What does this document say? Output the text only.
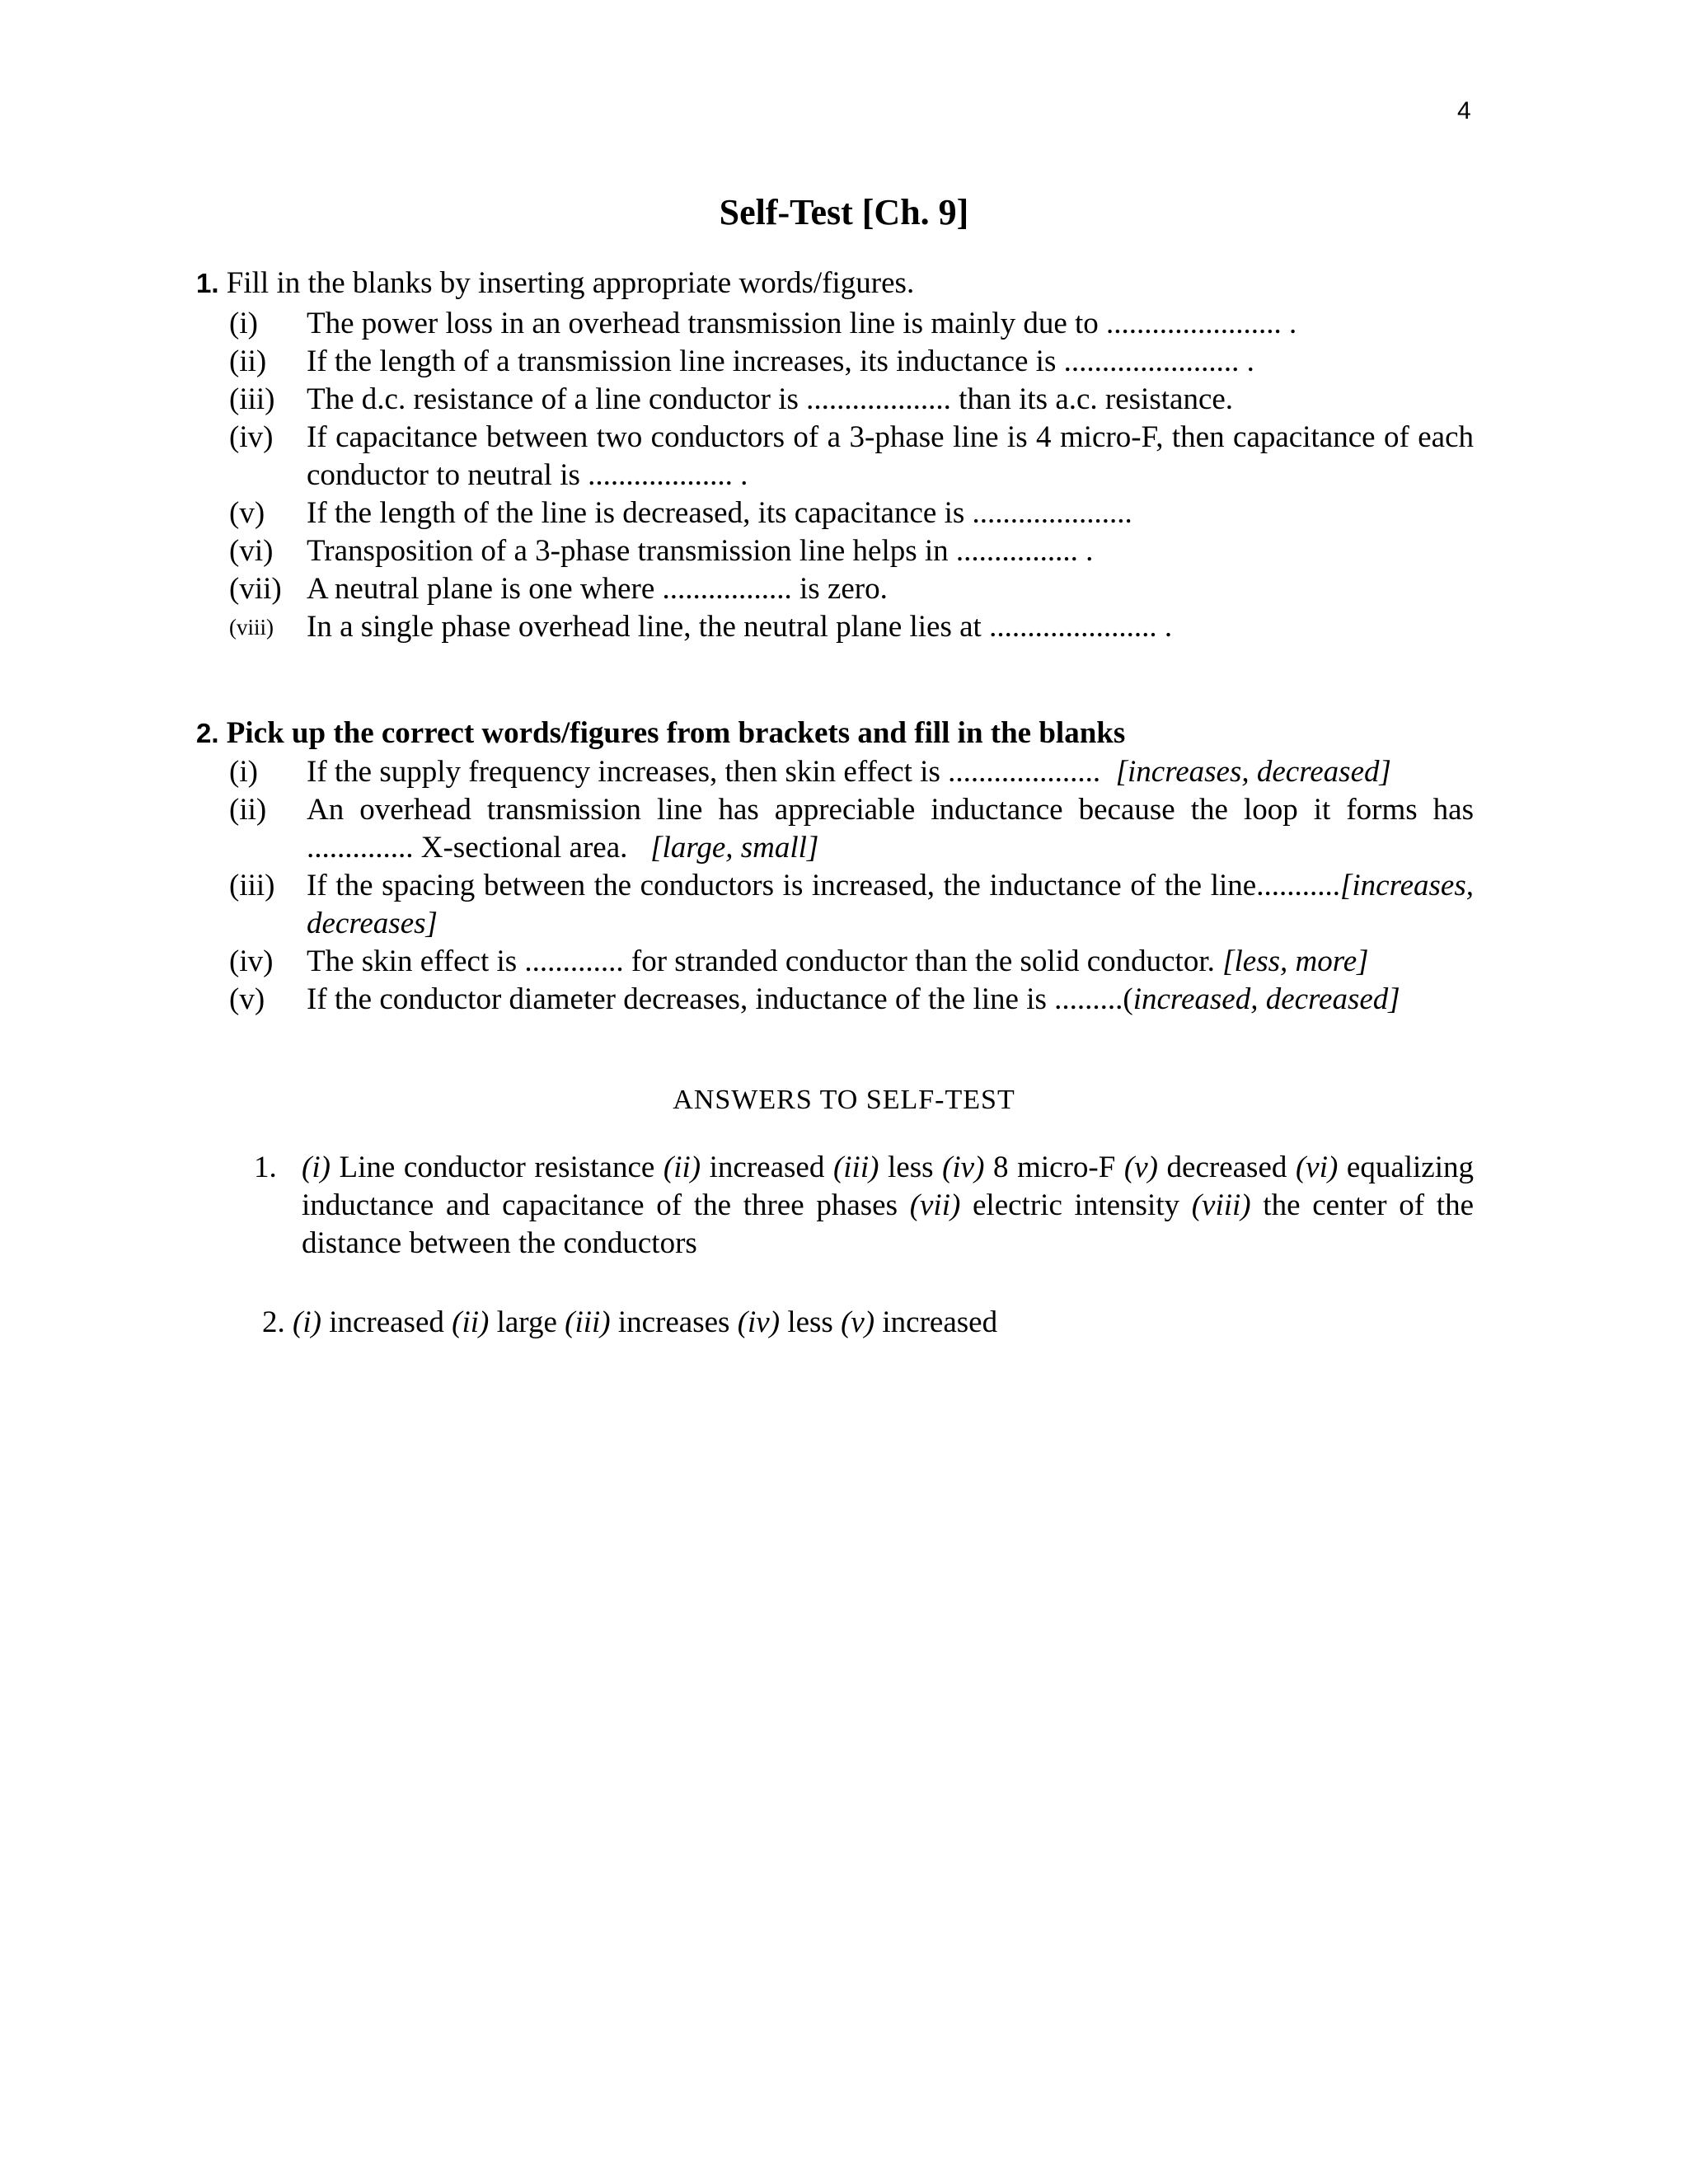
4
Self-Test [Ch. 9]
1. Fill in the blanks by inserting appropriate words/figures.
(i)	The power loss in an overhead transmission line is mainly due to ....................... .
(ii)	If the length of a transmission line increases, its inductance is ....................... .
(iii)	The d.c. resistance of a line conductor is ................... than its a.c. resistance.
(iv)	If capacitance between two conductors of a 3-phase line is 4 micro-F, then capacitance of each conductor to neutral is ................... .
(v)	If the length of the line is decreased, its capacitance is .....................
(vi)	Transposition of a 3-phase transmission line helps in ................ .
(vii) A neutral plane is one where ................. is zero.
(viii)	In a single phase overhead line, the neutral plane lies at ...................... .
2. Pick up the correct words/figures from brackets and fill in the blanks
(i)	If the supply frequency increases, then skin effect is .................... [increases, decreased]
(ii)	An overhead transmission line has appreciable inductance because the loop it forms has .............. X-sectional area. [large, small]
(iii)	If the spacing between the conductors is increased, the inductance of the line...........[increases, decreases]
(iv)	The skin effect is ............. for stranded conductor than the solid conductor. [less, more]
(v)	If the conductor diameter decreases, inductance of the line is .........(increased, decreased]
ANSWERS TO SELF-TEST
1. (i) Line conductor resistance (ii) increased (iii) less (iv) 8 micro-F (v) decreased (vi) equalizing inductance and capacitance of the three phases (vii) electric intensity (viii) the center of the distance between the conductors
2. (i) increased (ii) large (iii) increases (iv) less (v) increased
